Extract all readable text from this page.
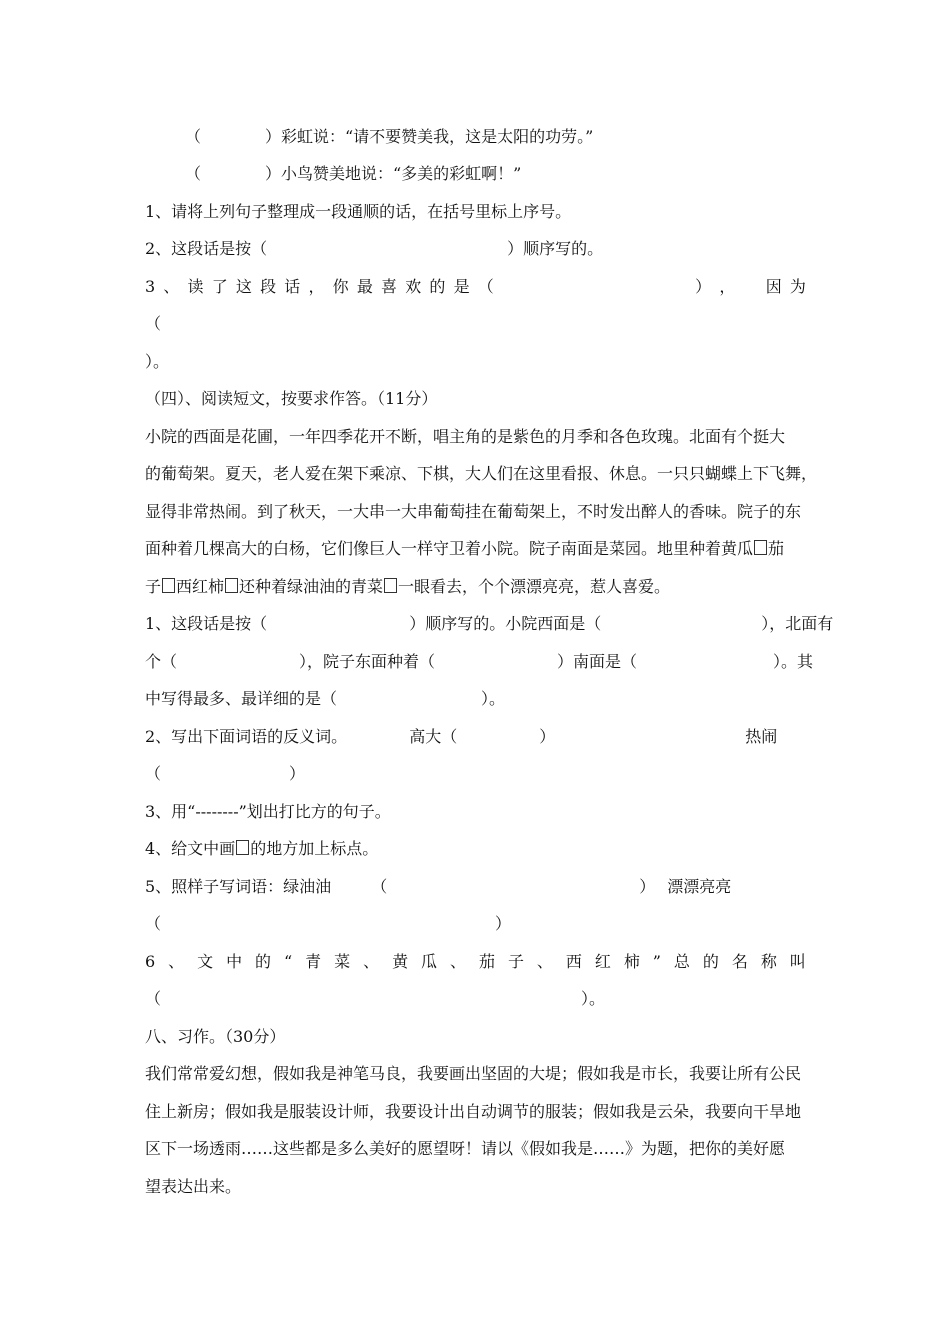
（　　　　）彩虹说：“请不要赞美我，这是太阳的功劳。”
（　　　　）小鸟赞美地说：“多美的彩虹啊！”
1、请将上列句子整理成一段通顺的话，在括号里标上序号。
2、这段话是按（　　　　　　　　　　　　　　　）顺序写的。
3 、 读 了 这 段 话 ， 你 最 喜 欢 的 是 （	） ， 因 为
（
）。
（四）、阅读短文，按要求作答。（11分）
小院的西面是花圃，一年四季花开不断，唱主角的是紫色的月季和各色玫瑰。北面有个挺大
的葡萄架。夏天，老人爱在架下乘凉、下棋，大人们在这里看报、休息。一只只蝴蝶上下飞舞，
显得非常热闹。到了秋天，一大串一大串葡萄挂在葡萄架上，不时发出醉人的香味。院子的东
面种着几棵高大的白杨，它们像巨人一样守卫着小院。院子南面是菜园。地里种着黄瓜 茄
子 西红柿 还种着绿油油的青菜 一眼看去，个个漂漂亮亮，惹人喜爱。
1、这段话是按（	）顺序写的。小院西面是（	），北面有
个（	），院子东面种着（	）南面是（	）。其
中写得最多、最详细的是（　　　　　　　　　）。
2、写出下面词语的反义词。	高大（	）	热闹
（　　　　　　　　）
3、用“--------”划出打比方的句子。
4、给文中画 的地方加上标点。
5、照样子写词语：绿油油	（	） 漂漂亮亮
（	）
6 、 文 中 的 “ 青 菜 、 黄 瓜 、 茄 子 、 西 红 柿 ” 总 的 名 称 叫
（	）。
八、习作。（30分）
我们常常爱幻想，假如我是神笔马良，我要画出坚固的大堤；假如我是市长，我要让所有公民
住上新房；假如我是服装设计师，我要设计出自动调节的服装；假如我是云朵，我要向干旱地
区下一场透雨……这些都是多么美好的愿望呀！请以《假如我是……》为题，把你的美好愿
望表达出来。
